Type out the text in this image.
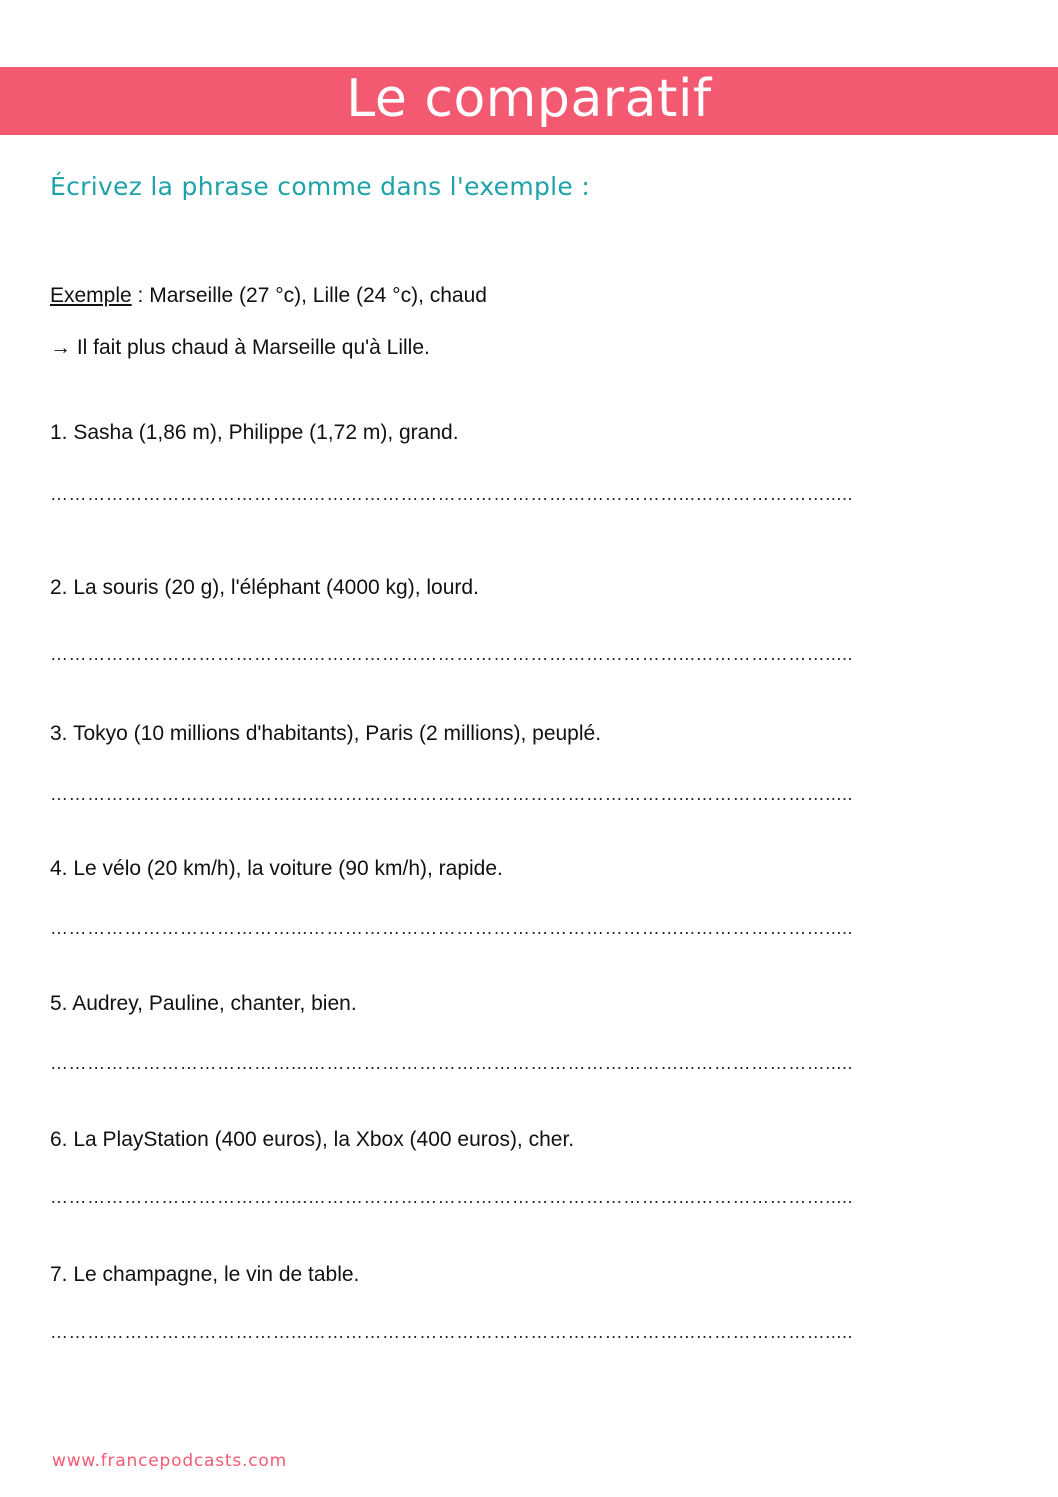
Le comparatif
Écrivez la phrase comme dans l'exemple :
Exemple : Marseille (27 °c), Lille (24 °c), chaud
→ Il fait plus chaud à Marseille qu'à Lille.
1. Sasha (1,86 m), Philippe (1,72 m), grand.
…………………………………...……………………………………………………...………………….....
2. La souris (20 g), l'éléphant (4000 kg), lourd.
…………………………………...……………………………………………………...………………….....
3. Tokyo (10 millions d'habitants), Paris (2 millions), peuplé.
…………………………………...……………………………………………………...………………….....
4. Le vélo (20 km/h), la voiture (90 km/h), rapide.
…………………………………...……………………………………………………...………………….....
5. Audrey, Pauline, chanter, bien.
…………………………………...……………………………………………………...………………….....
6. La PlayStation (400 euros), la Xbox (400 euros), cher.
…………………………………...……………………………………………………...………………….....
7. Le champagne, le vin de table.
…………………………………...……………………………………………………...………………….....
www.francepodcasts.com
